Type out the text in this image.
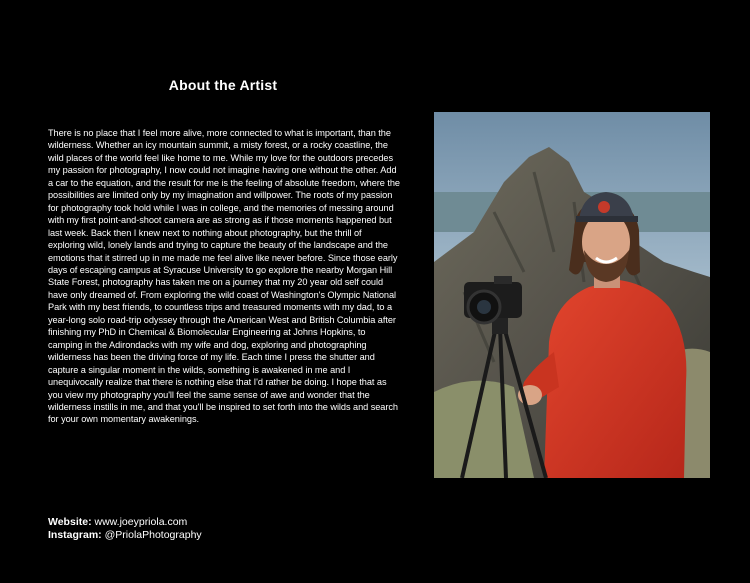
About the Artist

There is no place that I feel more alive, more connected to what is important, than the wilderness. Whether an icy mountain summit, a misty forest, or a rocky coastline, the wild places of the world feel like home to me. While my love for the outdoors precedes my passion for photography, I now could not imagine having one without the other. Add a car to the equation, and the result for me is the feeling of absolute freedom, where the possibilities are limited only by my imagination and willpower. The roots of my passion for photography took hold while I was in college, and the memories of messing around with my first point-and-shoot camera are as strong as if those moments happened but last week. Back then I knew next to nothing about photography, but the thrill of exploring wild, lonely lands and trying to capture the beauty of the landscape and the emotions that it stirred up in me made me feel alive like never before. Since those early days of escaping campus at Syracuse University to go explore the nearby Morgan Hill State Forest, photography has taken me on a journey that my 20 year old self could have only dreamed of. From exploring the wild coast of Washington's Olympic National Park with my best friends, to countless trips and treasured moments with my dad, to a year-long solo road-trip odyssey through the American West and British Columbia after finishing my PhD in Chemical & Biomolecular Engineering at Johns Hopkins, to camping in the Adirondacks with my wife and dog, exploring and photographing wilderness has been the driving force of my life. Each time I press the shutter and capture a singular moment in the wilds, something is awakened in me and I unequivocally realize that there is nothing else that I'd rather be doing. I hope that as you view my photography you'll feel the same sense of awe and wonder that the wilderness instills in me, and that you'll be inspired to set forth into the wilds and search for your own momentary awakenings.

Website: www.joeypriola.com
Instagram: @PriolaPhotography
